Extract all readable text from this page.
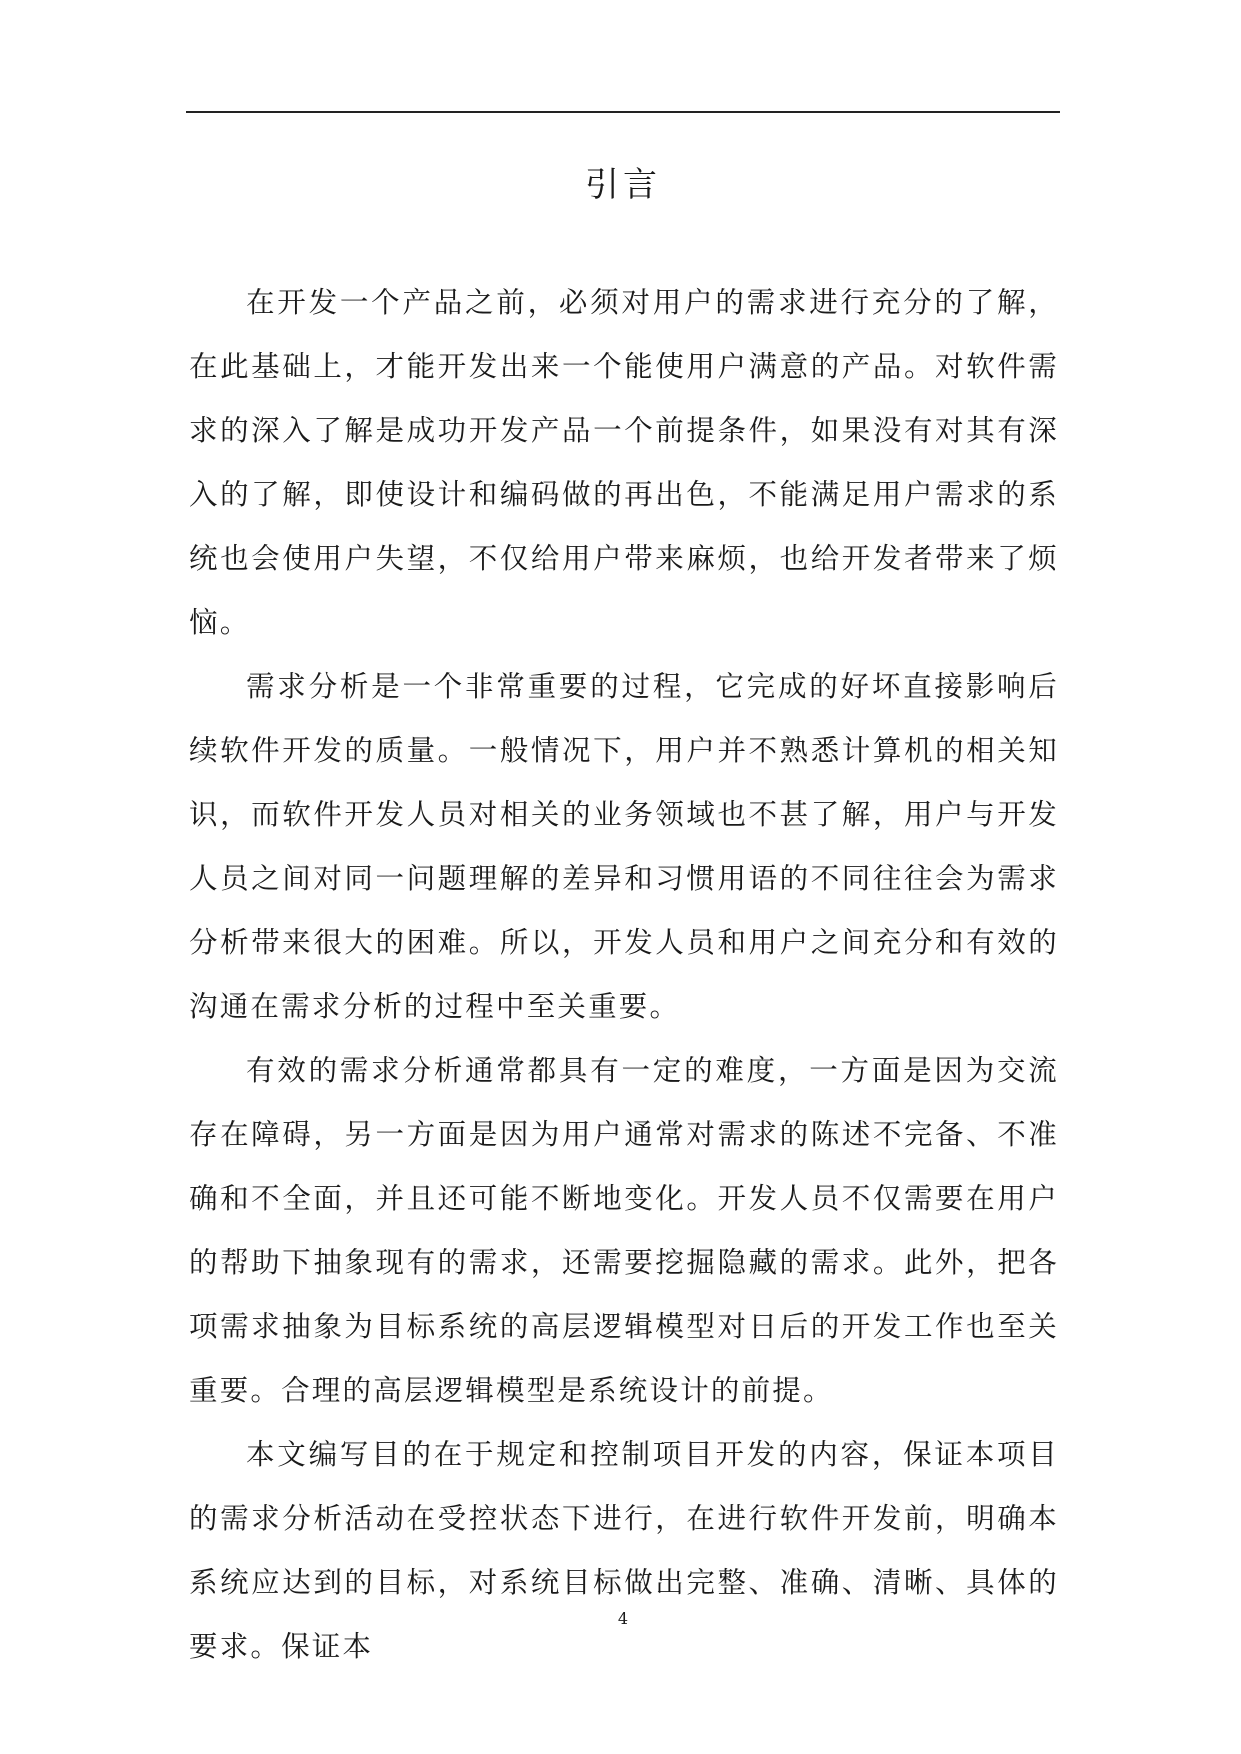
引言

在开发一个产品之前，必须对用户的需求进行充分的了解，在此基础上，才能开发出来一个能使用户满意的产品。对软件需求的深入了解是成功开发产品一个前提条件，如果没有对其有深入的了解，即使设计和编码做的再出色，不能满足用户需求的系统也会使用户失望，不仅给用户带来麻烦，也给开发者带来了烦恼。

需求分析是一个非常重要的过程，它完成的好坏直接影响后续软件开发的质量。一般情况下，用户并不熟悉计算机的相关知识，而软件开发人员对相关的业务领域也不甚了解，用户与开发人员之间对同一问题理解的差异和习惯用语的不同往往会为需求分析带来很大的困难。所以，开发人员和用户之间充分和有效的沟通在需求分析的过程中至关重要。

有效的需求分析通常都具有一定的难度，一方面是因为交流存在障碍，另一方面是因为用户通常对需求的陈述不完备、不准确和不全面，并且还可能不断地变化。开发人员不仅需要在用户的帮助下抽象现有的需求，还需要挖掘隐藏的需求。此外，把各项需求抽象为目标系统的高层逻辑模型对日后的开发工作也至关重要。合理的高层逻辑模型是系统设计的前提。

本文编写目的在于规定和控制项目开发的内容，保证本项目的需求分析活动在受控状态下进行，在进行软件开发前，明确本系统应达到的目标，对系统目标做出完整、准确、清晰、具体的要求。保证本

4
